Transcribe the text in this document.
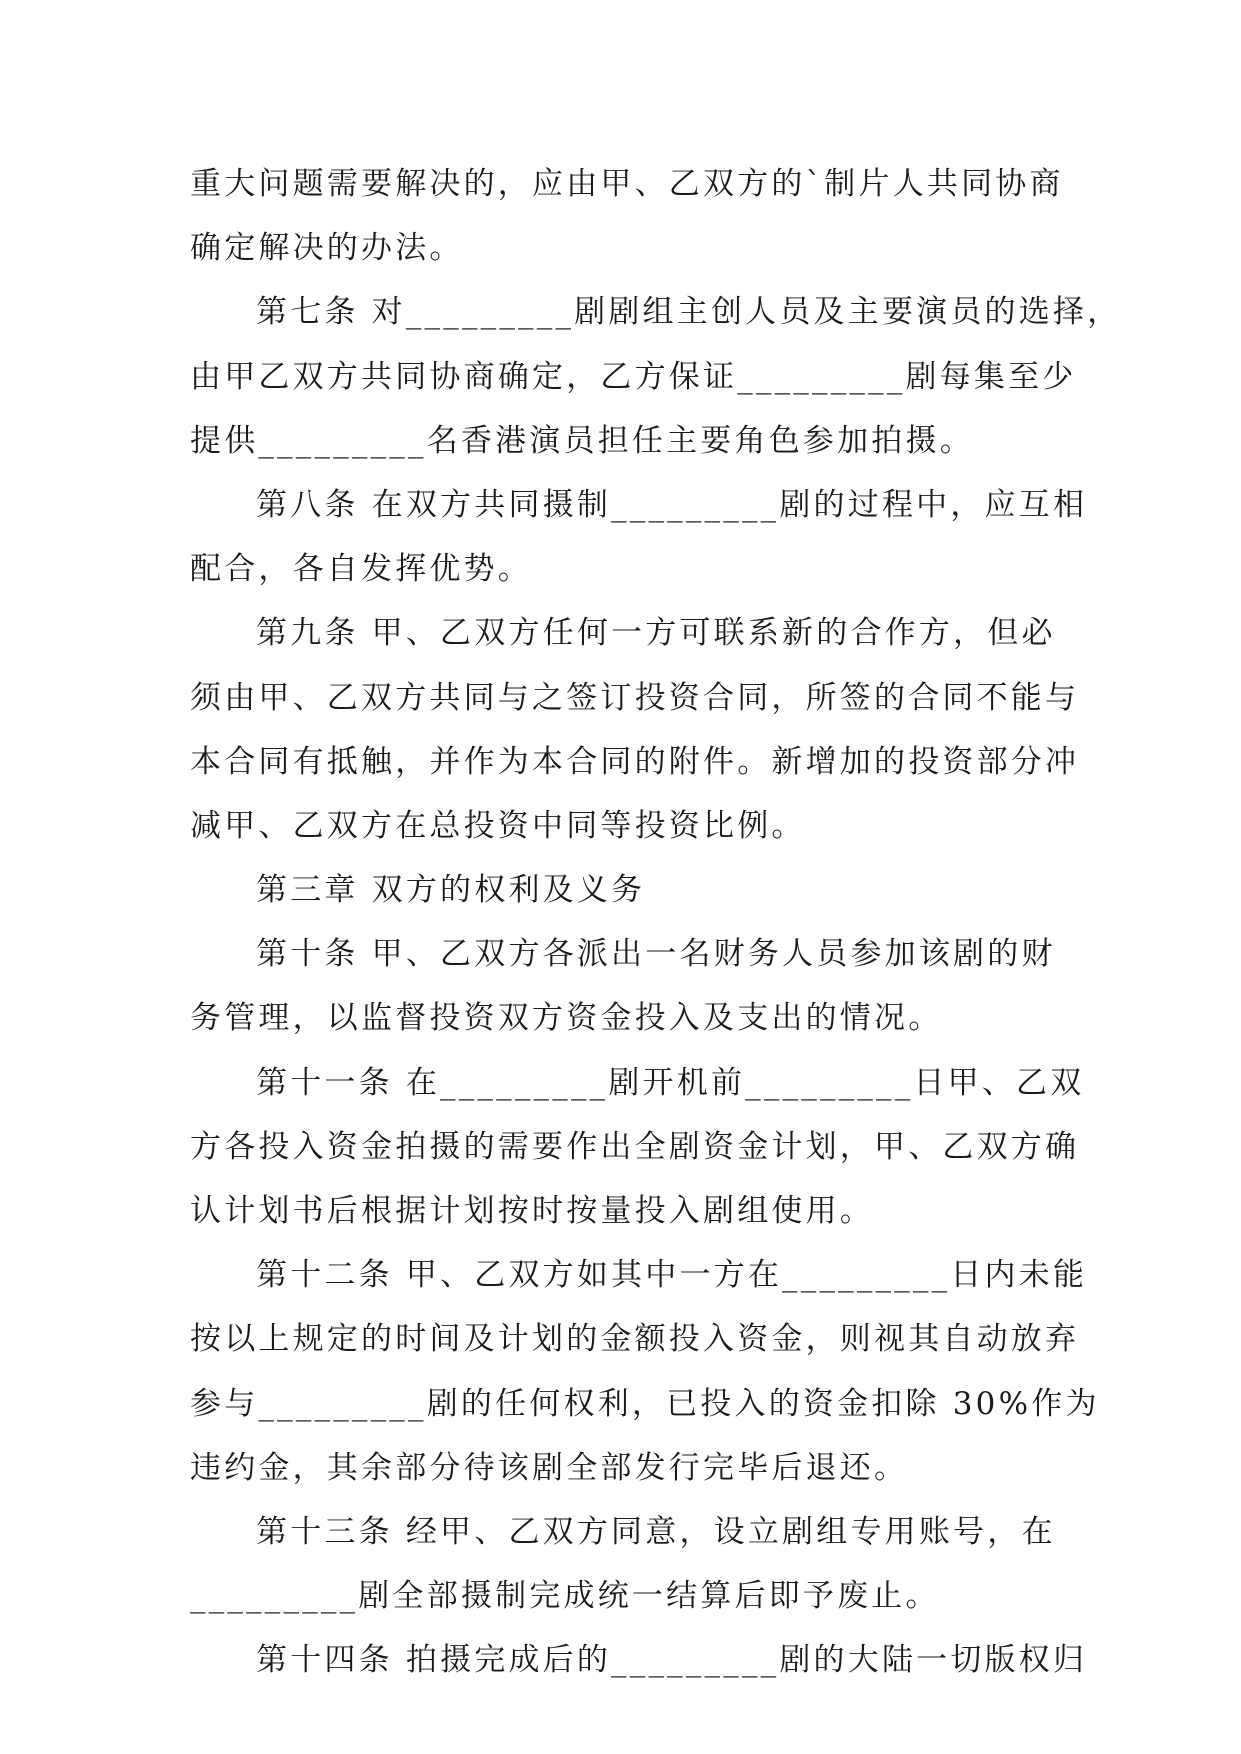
重大问题需要解决的，应由甲、乙双方的`制片人共同协商
确定解决的办法。
第七条 对_________剧剧组主创人员及主要演员的选择，
由甲乙双方共同协商确定，乙方保证_________剧每集至少
提供_________名香港演员担任主要角色参加拍摄。
第八条 在双方共同摄制_________剧的过程中，应互相
配合，各自发挥优势。
第九条 甲、乙双方任何一方可联系新的合作方，但必
须由甲、乙双方共同与之签订投资合同，所签的合同不能与
本合同有抵触，并作为本合同的附件。新增加的投资部分冲
减甲、乙双方在总投资中同等投资比例。
第三章 双方的权利及义务
第十条 甲、乙双方各派出一名财务人员参加该剧的财
务管理，以监督投资双方资金投入及支出的情况。
第十一条 在_________剧开机前_________日甲、乙双
方各投入资金拍摄的需要作出全剧资金计划，甲、乙双方确
认计划书后根据计划按时按量投入剧组使用。
第十二条 甲、乙双方如其中一方在_________日内未能
按以上规定的时间及计划的金额投入资金，则视其自动放弃
参与_________剧的任何权利，已投入的资金扣除 30%作为
违约金，其余部分待该剧全部发行完毕后退还。
第十三条 经甲、乙双方同意，设立剧组专用账号，在
_________剧全部摄制完成统一结算后即予废止。
第十四条 拍摄完成后的_________剧的大陆一切版权归
